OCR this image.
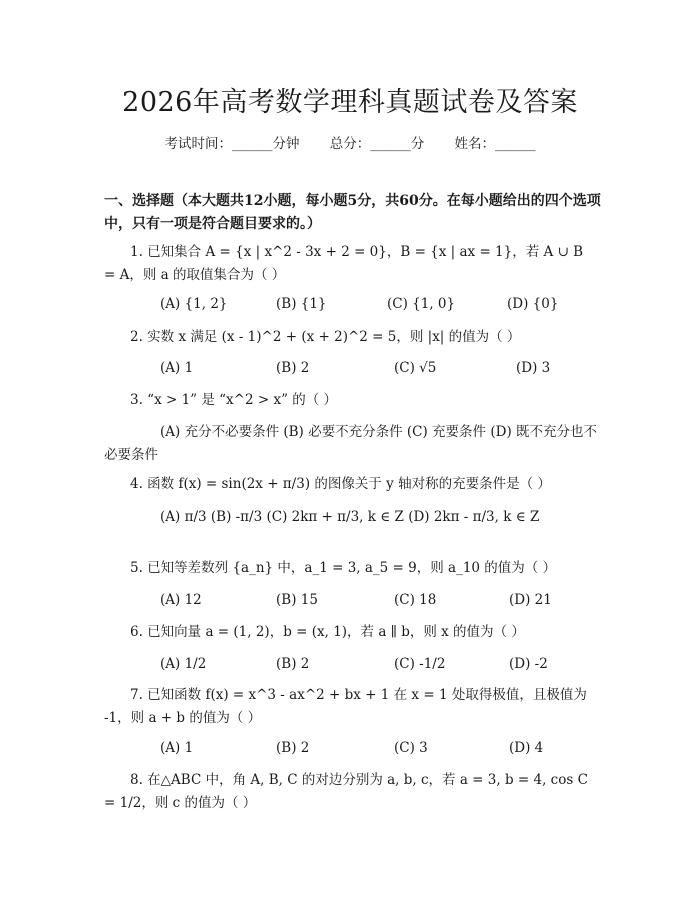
2026年高考数学理科真题试卷及答案
考试时间：______分钟 总分：______分 姓名：______
一、选择题（本大题共12小题，每小题5分，共60分。在每小题给出的四个选项中，只有一项是符合题目要求的。）
1. 已知集合 A = {x | x^2 - 3x + 2 = 0}，B = {x | ax = 1}，若 A ∪ B = A，则 a 的取值集合为（ ）
(A) {1, 2}	(B) {1}	(C) {1, 0}	(D) {0}
2. 实数 x 满足 (x - 1)^2 + (x + 2)^2 = 5，则 |x| 的值为（ ）
(A) 1	(B) 2	(C) √5	(D) 3
3. “x > 1” 是 “x^2 > x” 的（ ）
(A) 充分不必要条件 (B) 必要不充分条件 (C) 充要条件 (D) 既不充分也不必要条件
4. 函数 f(x) = sin(2x + π/3) 的图像关于 y 轴对称的充要条件是（ ）
(A) π/3 (B) -π/3 (C) 2kπ + π/3, k ∈ Z (D) 2kπ - π/3, k ∈ Z
5. 已知等差数列 {a_n} 中，a_1 = 3, a_5 = 9，则 a_10 的值为（ ）
(A) 12	(B) 15	(C) 18	(D) 21
6. 已知向量 a = (1, 2)，b = (x, 1)，若 a ∥ b，则 x 的值为（ ）
(A) 1/2	(B) 2	(C) -1/2	(D) -2
7. 已知函数 f(x) = x^3 - ax^2 + bx + 1 在 x = 1 处取得极值，且极值为 -1，则 a + b 的值为（ ）
(A) 1	(B) 2	(C) 3	(D) 4
8. 在△ABC 中，角 A, B, C 的对边分别为 a, b, c，若 a = 3, b = 4, cos C = 1/2，则 c 的值为（ ）
